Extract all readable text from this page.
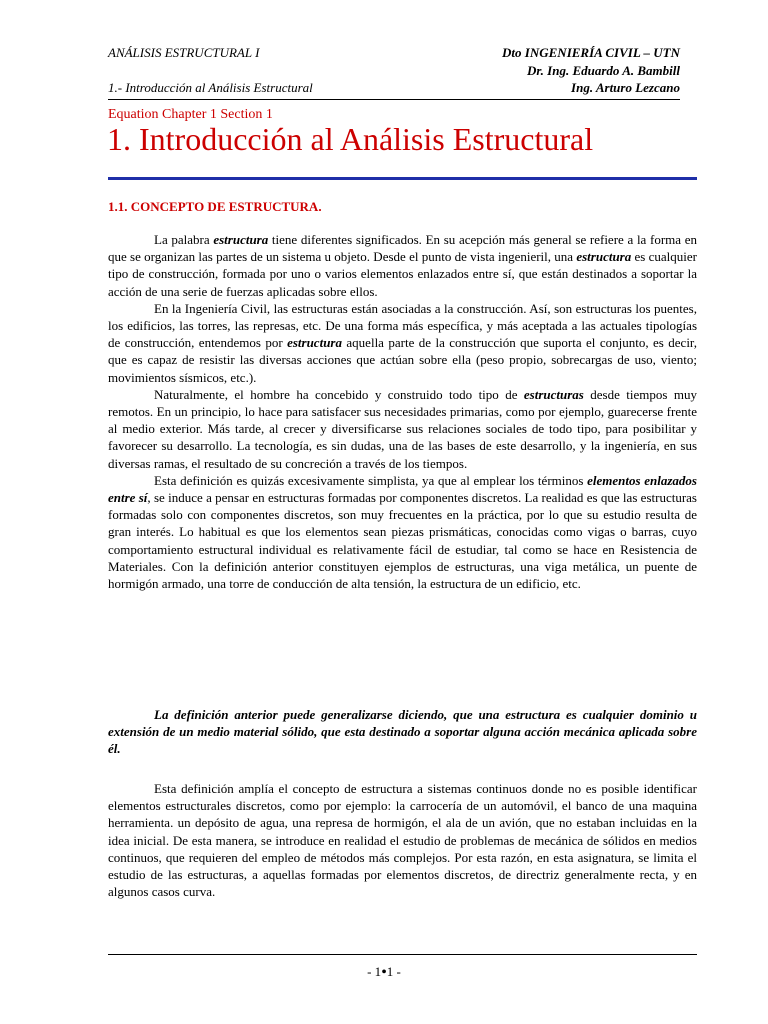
ANÁLISIS ESTRUCTURAL I	Dto INGENIERÍA CIVIL – UTN
Dr. Ing. Eduardo A. Bambill
1.- Introducción al Análisis Estructural	Ing. Arturo Lezcano
Equation Chapter 1 Section 1
1. Introducción al Análisis Estructural
1.1. CONCEPTO DE ESTRUCTURA.

La palabra estructura tiene diferentes significados. En su acepción más general se refiere a la forma en que se organizan las partes de un sistema u objeto. Desde el punto de vista ingenieril, una estructura es cualquier tipo de construcción, formada por uno o varios elementos enlazados entre sí, que están destinados a soportar la acción de una serie de fuerzas aplicadas sobre ellos.

En la Ingeniería Civil, las estructuras están asociadas a la construcción. Así, son estructuras los puentes, los edificios, las torres, las represas, etc. De una forma más específica, y más aceptada a las actuales tipologías de construcción, entendemos por estructura aquella parte de la construcción que suporta el conjunto, es decir, que es capaz de resistir las diversas acciones que actúan sobre ella (peso propio, sobrecargas de uso, viento; movimientos sísmicos, etc.).

Naturalmente, el hombre ha concebido y construido todo tipo de estructuras desde tiempos muy remotos. En un principio, lo hace para satisfacer sus necesidades primarias, como por ejemplo, guarecerse frente al medio exterior. Más tarde, al crecer y diversificarse sus relaciones sociales de todo tipo, para posibilitar y favorecer su desarrollo. La tecnología, es sin dudas, una de las bases de este desarrollo, y la ingeniería, en sus diversas ramas, el resultado de su concreción a través de los tiempos.

Esta definición es quizás excesivamente simplista, ya que al emplear los términos elementos enlazados entre sí, se induce a pensar en estructuras formadas por componentes discretos. La realidad es que las estructuras formadas solo con componentes discretos, son muy frecuentes en la práctica, por lo que su estudio resulta de gran interés. Lo habitual es que los elementos sean piezas prismáticas, conocidas como vigas o barras, cuyo comportamiento estructural individual es relativamente fácil de estudiar, tal como se hace en Resistencia de Materiales. Con la definición anterior constituyen ejemplos de estructuras, una viga metálica, un puente de hormigón armado, una torre de conducción de alta tensión, la estructura de un edificio, etc.

La definición anterior puede generalizarse diciendo, que una estructura es cualquier dominio u extensión de un medio material sólido, que esta destinado a soportar alguna acción mecánica aplicada sobre él.

Esta definición amplía el concepto de estructura a sistemas continuos donde no es posible identificar elementos estructurales discretos, como por ejemplo: la carrocería de un automóvil, el banco de una maquina herramienta. un depósito de agua, una represa de hormigón, el ala de un avión, que no estaban incluidas en la idea inicial. De esta manera, se introduce en realidad el estudio de problemas de mecánica de sólidos en medios continuos, que requieren del empleo de métodos más complejos. Por esta razón, en esta asignatura, se limita el estudio de las estructuras, a aquellas formadas por elementos discretos, de directriz generalmente recta, y en algunos casos curva.

- 1•1 -
